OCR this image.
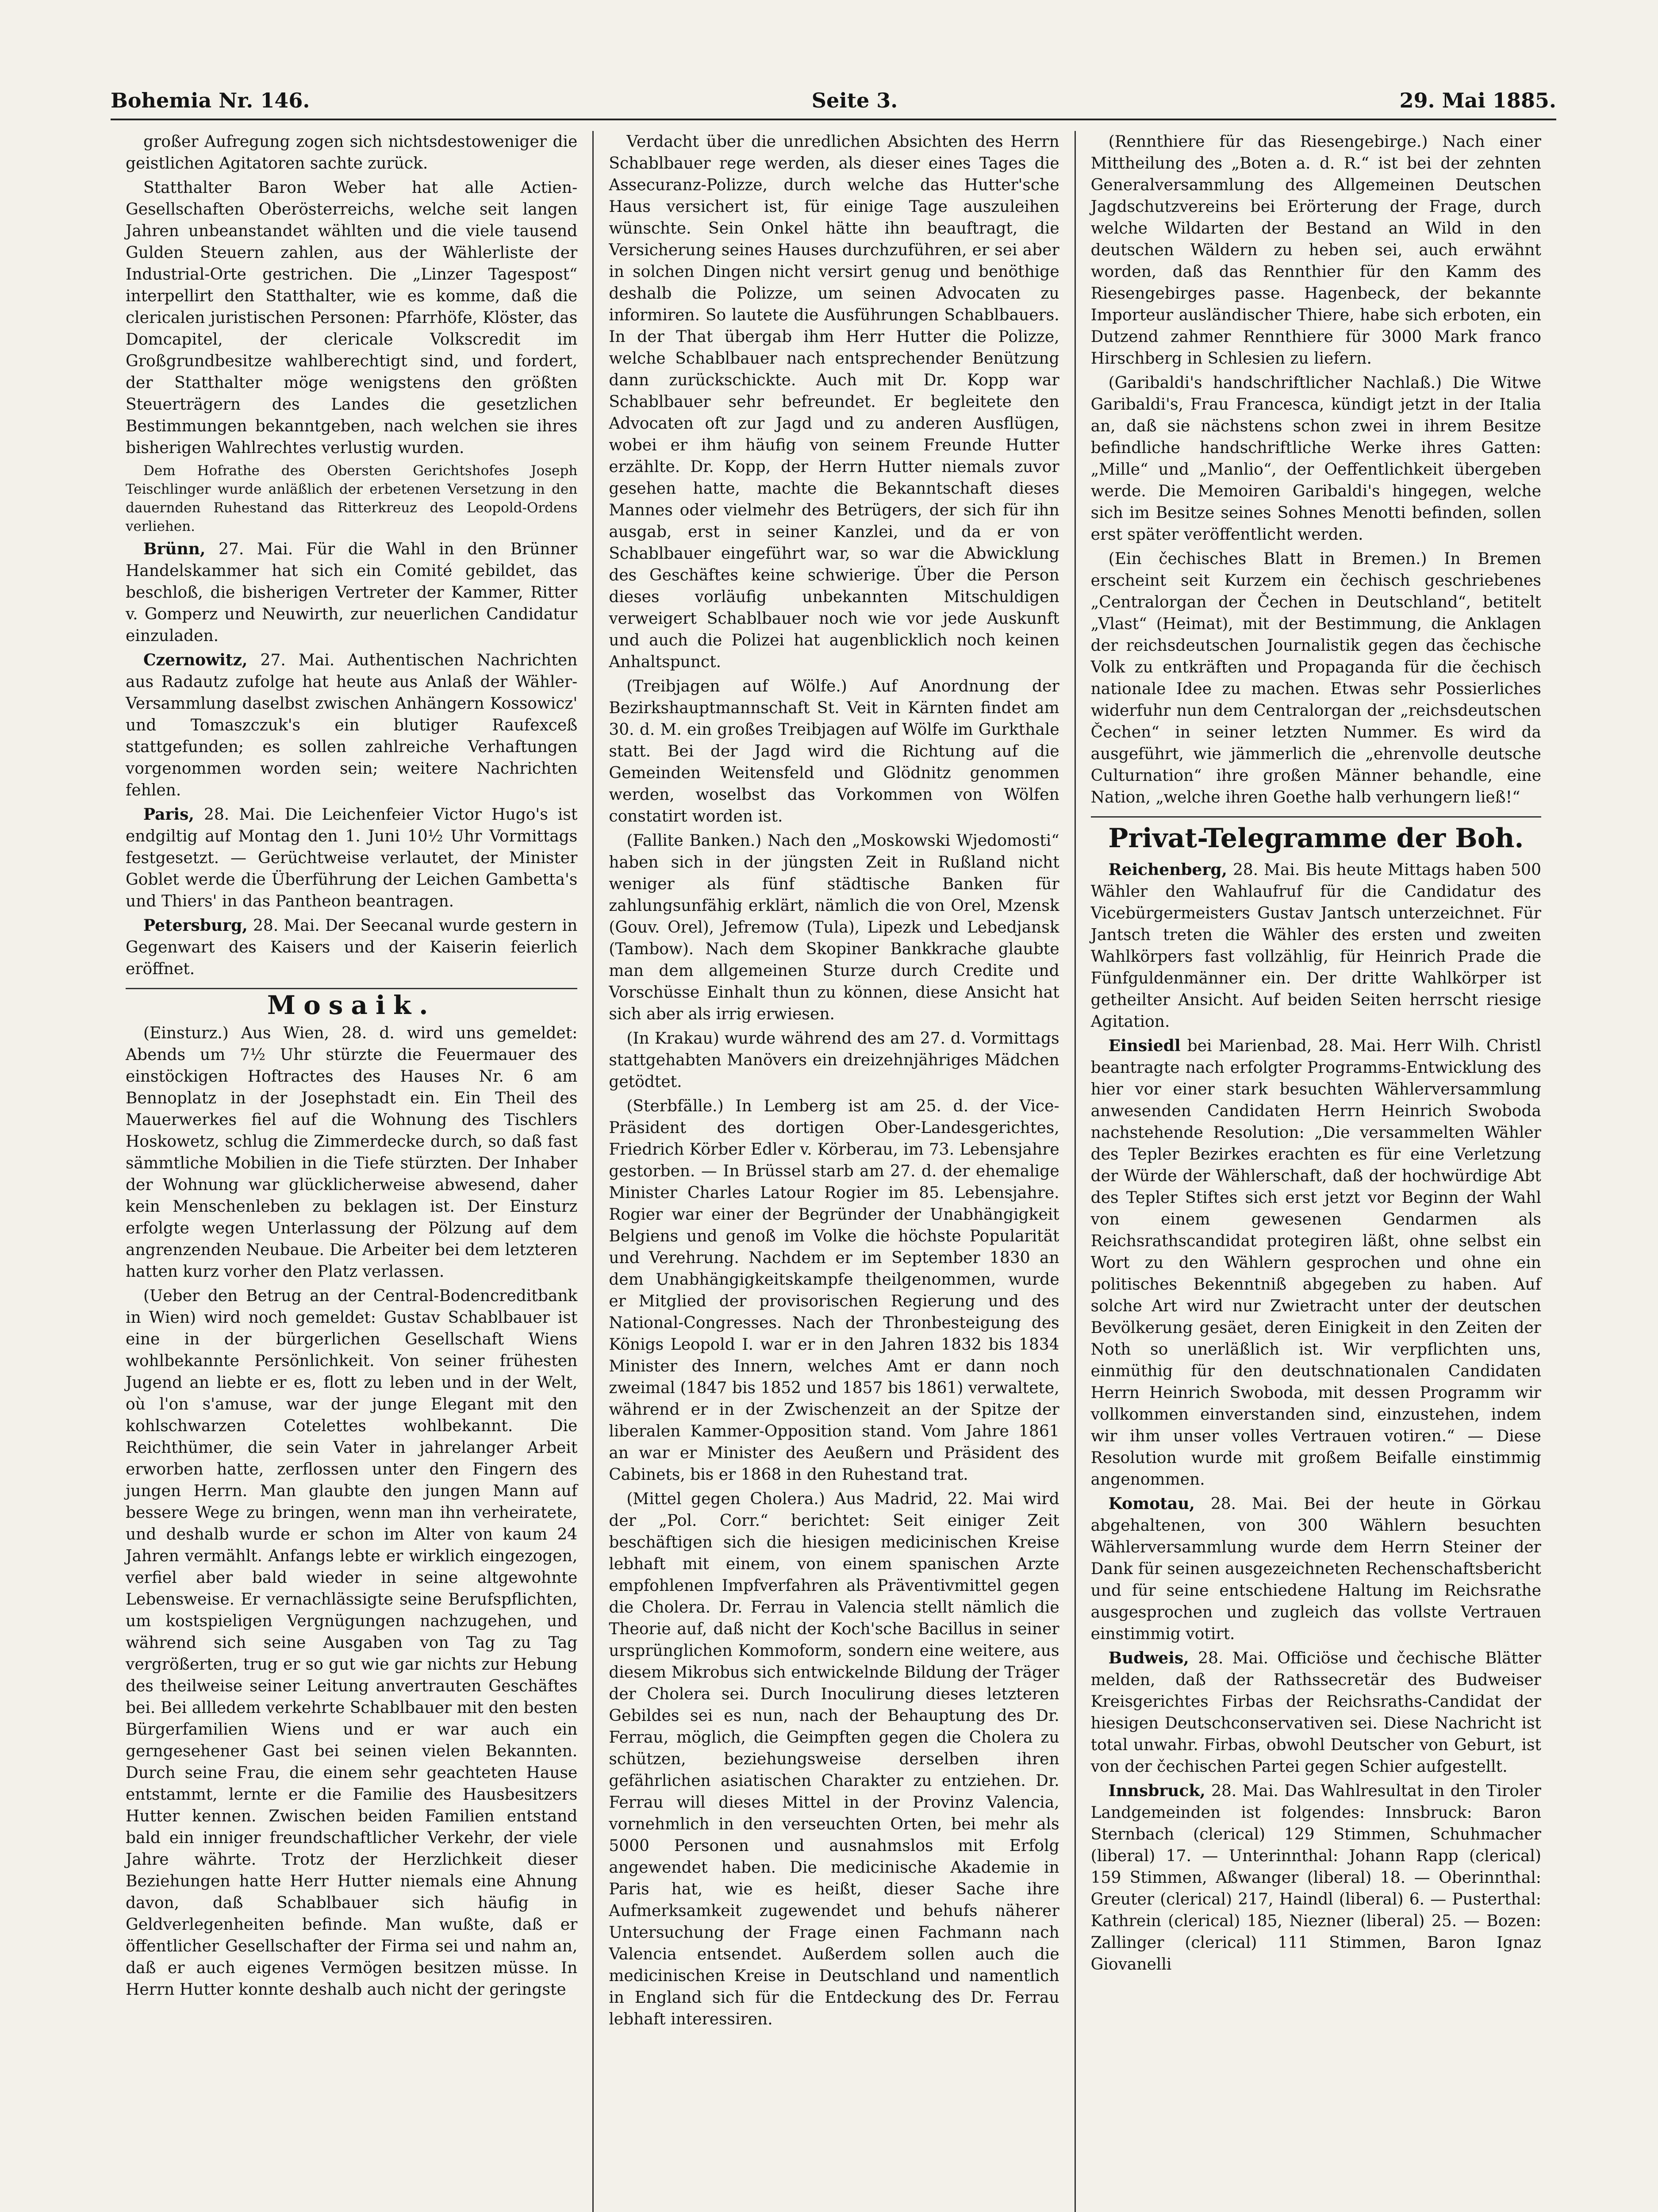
Bohemia Nr. 146.	Seite 3.	29. Mai 1885.

großer Aufregung zogen sich nichtsdestoweniger die geistlichen Agitatoren sachte zurück.

Statthalter Baron Weber hat alle Actien-Gesellschaften Oberösterreichs, welche seit langen Jahren unbeanstandet wählten und die viele tausend Gulden Steuern zahlen, aus der Wählerliste der Industrial-Orte gestrichen. Die „Linzer Tagespost“ interpellirt den Statthalter, wie es komme, daß die clericalen juristischen Personen: Pfarrhöfe, Klöster, das Domcapitel, der clericale Volkscredit im Großgrundbesitze wahlberechtigt sind, und fordert, der Statthalter möge wenigstens den größten Steuerträgern des Landes die gesetzlichen Bestimmungen bekanntgeben, nach welchen sie ihres bisherigen Wahlrechtes verlustig wurden.

Dem Hofrathe des Obersten Gerichtshofes Joseph Teischlinger wurde anläßlich der erbetenen Versetzung in den dauernden Ruhestand das Ritterkreuz des Leopold-Ordens verliehen.

Brünn, 27. Mai. Für die Wahl in den Brünner Handelskammer hat sich ein Comité gebildet, das beschloß, die bisherigen Vertreter der Kammer, Ritter v. Gomperz und Neuwirth, zur neuerlichen Candidatur einzuladen.

Czernowitz, 27. Mai. Authentischen Nachrichten aus Radautz zufolge hat heute aus Anlaß der Wähler-Versammlung daselbst zwischen Anhängern Kossowicz' und Tomaszczuk's ein blutiger Raufexceß stattgefunden; es sollen zahlreiche Verhaftungen vorgenommen worden sein; weitere Nachrichten fehlen.

Paris, 28. Mai. Die Leichenfeier Victor Hugo's ist endgiltig auf Montag den 1. Juni 10½ Uhr Vormittags festgesetzt. — Gerüchtweise verlautet, der Minister Goblet werde die Überführung der Leichen Gambetta's und Thiers' in das Pantheon beantragen.

Petersburg, 28. Mai. Der Seecanal wurde gestern in Gegenwart des Kaisers und der Kaiserin feierlich eröffnet.

Mosaik.

(Einsturz.) Aus Wien, 28. d. wird uns gemeldet: Abends um 7½ Uhr stürzte die Feuermauer des einstöckigen Hoftractes des Hauses Nr. 6 am Bennoplatz in der Josephstadt ein. Ein Theil des Mauerwerkes fiel auf die Wohnung des Tischlers Hoskowetz, schlug die Zimmerdecke durch, so daß fast sämmtliche Mobilien in die Tiefe stürzten. Der Inhaber der Wohnung war glücklicherweise abwesend, daher kein Menschenleben zu beklagen ist. Der Einsturz erfolgte wegen Unterlassung der Pölzung auf dem angrenzenden Neubaue. Die Arbeiter bei dem letzteren hatten kurz vorher den Platz verlassen.

(Ueber den Betrug an der Central-Bodencreditbank in Wien) wird noch gemeldet: Gustav Schablbauer ist eine in der bürgerlichen Gesellschaft Wiens wohlbekannte Persönlichkeit. Von seiner frühesten Jugend an liebte er es, flott zu leben und in der Welt, où l'on s'amuse, war der junge Elegant mit den kohlschwarzen Cotelettes wohlbekannt. Die Reichthümer, die sein Vater in jahrelanger Arbeit erworben hatte, zerflossen unter den Fingern des jungen Herrn. Man glaubte den jungen Mann auf bessere Wege zu bringen, wenn man ihn verheiratete, und deshalb wurde er schon im Alter von kaum 24 Jahren vermählt. Anfangs lebte er wirklich eingezogen, verfiel aber bald wieder in seine altgewohnte Lebensweise. Er vernachlässigte seine Berufspflichten, um kostspieligen Vergnügungen nachzugehen, und während sich seine Ausgaben von Tag zu Tag vergrößerten, trug er so gut wie gar nichts zur Hebung des theilweise seiner Leitung anvertrauten Geschäftes bei. Bei allledem verkehrte Schablbauer mit den besten Bürgerfamilien Wiens und er war auch ein gerngesehener Gast bei seinen vielen Bekannten. Durch seine Frau, die einem sehr geachteten Hause entstammt, lernte er die Familie des Hausbesitzers Hutter kennen. Zwischen beiden Familien entstand bald ein inniger freundschaftlicher Verkehr, der viele Jahre währte. Trotz der Herzlichkeit dieser Beziehungen hatte Herr Hutter niemals eine Ahnung davon, daß Schablbauer sich häufig in Geldverlegenheiten befinde. Man wußte, daß er öffentlicher Gesellschafter der Firma sei und nahm an, daß er auch eigenes Vermögen besitzen müsse. In Herrn Hutter konnte deshalb auch nicht der geringste

Verdacht über die unredlichen Absichten des Herrn Schablbauer rege werden, als dieser eines Tages die Assecuranz-Polizze, durch welche das Hutter'sche Haus versichert ist, für einige Tage auszuleihen wünschte. Sein Onkel hätte ihn beauftragt, die Versicherung seines Hauses durchzuführen, er sei aber in solchen Dingen nicht versirt genug und benöthige deshalb die Polizze, um seinen Advocaten zu informiren. So lautete die Ausführungen Schablbauers. In der That übergab ihm Herr Hutter die Polizze, welche Schablbauer nach entsprechender Benützung dann zurückschickte. Auch mit Dr. Kopp war Schablbauer sehr befreundet. Er begleitete den Advocaten oft zur Jagd und zu anderen Ausflügen, wobei er ihm häufig von seinem Freunde Hutter erzählte. Dr. Kopp, der Herrn Hutter niemals zuvor gesehen hatte, machte die Bekanntschaft dieses Mannes oder vielmehr des Betrügers, der sich für ihn ausgab, erst in seiner Kanzlei, und da er von Schablbauer eingeführt war, so war die Abwicklung des Geschäftes keine schwierige. Über die Person dieses vorläufig unbekannten Mitschuldigen verweigert Schablbauer noch wie vor jede Auskunft und auch die Polizei hat augenblicklich noch keinen Anhaltspunct.

(Treibjagen auf Wölfe.) Auf Anordnung der Bezirkshauptmannschaft St. Veit in Kärnten findet am 30. d. M. ein großes Treibjagen auf Wölfe im Gurkthale statt. Bei der Jagd wird die Richtung auf die Gemeinden Weitensfeld und Glödnitz genommen werden, woselbst das Vorkommen von Wölfen constatirt worden ist.

(Fallite Banken.) Nach den „Moskowski Wjedomosti“ haben sich in der jüngsten Zeit in Rußland nicht weniger als fünf städtische Banken für zahlungsunfähig erklärt, nämlich die von Orel, Mzensk (Gouv. Orel), Jefremow (Tula), Lipezk und Lebedjansk (Tambow). Nach dem Skopiner Bankkrache glaubte man dem allgemeinen Sturze durch Credite und Vorschüsse Einhalt thun zu können, diese Ansicht hat sich aber als irrig erwiesen.

(In Krakau) wurde während des am 27. d. Vormittags stattgehabten Manövers ein dreizehnjähriges Mädchen getödtet.

(Sterbfälle.) In Lemberg ist am 25. d. der Vice-Präsident des dortigen Ober-Landesgerichtes, Friedrich Körber Edler v. Körberau, im 73. Lebensjahre gestorben. — In Brüssel starb am 27. d. der ehemalige Minister Charles Latour Rogier im 85. Lebensjahre. Rogier war einer der Begründer der Unabhängigkeit Belgiens und genoß im Volke die höchste Popularität und Verehrung. Nachdem er im September 1830 an dem Unabhängigkeitskampfe theilgenommen, wurde er Mitglied der provisorischen Regierung und des National-Congresses. Nach der Thronbesteigung des Königs Leopold I. war er in den Jahren 1832 bis 1834 Minister des Innern, welches Amt er dann noch zweimal (1847 bis 1852 und 1857 bis 1861) verwaltete, während er in der Zwischenzeit an der Spitze der liberalen Kammer-Opposition stand. Vom Jahre 1861 an war er Minister des Aeußern und Präsident des Cabinets, bis er 1868 in den Ruhestand trat.

(Mittel gegen Cholera.) Aus Madrid, 22. Mai wird der „Pol. Corr.“ berichtet: Seit einiger Zeit beschäftigen sich die hiesigen medicinischen Kreise lebhaft mit einem, von einem spanischen Arzte empfohlenen Impfverfahren als Präventivmittel gegen die Cholera. Dr. Ferrau in Valencia stellt nämlich die Theorie auf, daß nicht der Koch'sche Bacillus in seiner ursprünglichen Kommoform, sondern eine weitere, aus diesem Mikrobus sich entwickelnde Bildung der Träger der Cholera sei. Durch Inoculirung dieses letzteren Gebildes sei es nun, nach der Behauptung des Dr. Ferrau, möglich, die Geimpften gegen die Cholera zu schützen, beziehungsweise derselben ihren gefährlichen asiatischen Charakter zu entziehen. Dr. Ferrau will dieses Mittel in der Provinz Valencia, vornehmlich in den verseuchten Orten, bei mehr als 5000 Personen und ausnahmslos mit Erfolg angewendet haben. Die medicinische Akademie in Paris hat, wie es heißt, dieser Sache ihre Aufmerksamkeit zugewendet und behufs näherer Untersuchung der Frage einen Fachmann nach Valencia entsendet. Außerdem sollen auch die medicinischen Kreise in Deutschland und namentlich in England sich für die Entdeckung des Dr. Ferrau lebhaft interessiren.

(Rennthiere für das Riesengebirge.) Nach einer Mittheilung des „Boten a. d. R.“ ist bei der zehnten Generalversammlung des Allgemeinen Deutschen Jagdschutzvereins bei Erörterung der Frage, durch welche Wildarten der Bestand an Wild in den deutschen Wäldern zu heben sei, auch erwähnt worden, daß das Rennthier für den Kamm des Riesengebirges passe. Hagenbeck, der bekannte Importeur ausländischer Thiere, habe sich erboten, ein Dutzend zahmer Rennthiere für 3000 Mark franco Hirschberg in Schlesien zu liefern.

(Garibaldi's handschriftlicher Nachlaß.) Die Witwe Garibaldi's, Frau Francesca, kündigt jetzt in der Italia an, daß sie nächstens schon zwei in ihrem Besitze befindliche handschriftliche Werke ihres Gatten: „Mille“ und „Manlio“, der Oeffentlichkeit übergeben werde. Die Memoiren Garibaldi's hingegen, welche sich im Besitze seines Sohnes Menotti befinden, sollen erst später veröffentlicht werden.

(Ein čechisches Blatt in Bremen.) In Bremen erscheint seit Kurzem ein čechisch geschriebenes „Centralorgan der Čechen in Deutschland“, betitelt „Vlast“ (Heimat), mit der Bestimmung, die Anklagen der reichsdeutschen Journalistik gegen das čechische Volk zu entkräften und Propaganda für die čechisch nationale Idee zu machen. Etwas sehr Possierliches widerfuhr nun dem Centralorgan der „reichsdeutschen Čechen“ in seiner letzten Nummer. Es wird da ausgeführt, wie jämmerlich die „ehrenvolle deutsche Culturnation“ ihre großen Männer behandle, eine Nation, „welche ihren Goethe halb verhungern ließ!“

Privat-Telegramme der Boh.

Reichenberg, 28. Mai. Bis heute Mittags haben 500 Wähler den Wahlaufruf für die Candidatur des Vicebürgermeisters Gustav Jantsch unterzeichnet. Für Jantsch treten die Wähler des ersten und zweiten Wahlkörpers fast vollzählig, für Heinrich Prade die Fünfguldenmänner ein. Der dritte Wahlkörper ist getheilter Ansicht. Auf beiden Seiten herrscht riesige Agitation.

Einsiedl bei Marienbad, 28. Mai. Herr Wilh. Christl beantragte nach erfolgter Programms-Entwicklung des hier vor einer stark besuchten Wählerversammlung anwesenden Candidaten Herrn Heinrich Swoboda nachstehende Resolution: „Die versammelten Wähler des Tepler Bezirkes erachten es für eine Verletzung der Würde der Wählerschaft, daß der hochwürdige Abt des Tepler Stiftes sich erst jetzt vor Beginn der Wahl von einem gewesenen Gendarmen als Reichsrathscandidat protegiren läßt, ohne selbst ein Wort zu den Wählern gesprochen und ohne ein politisches Bekenntniß abgegeben zu haben. Auf solche Art wird nur Zwietracht unter der deutschen Bevölkerung gesäet, deren Einigkeit in den Zeiten der Noth so unerläßlich ist. Wir verpflichten uns, einmüthig für den deutschnationalen Candidaten Herrn Heinrich Swoboda, mit dessen Programm wir vollkommen einverstanden sind, einzustehen, indem wir ihm unser volles Vertrauen votiren.“ — Diese Resolution wurde mit großem Beifalle einstimmig angenommen.

Komotau, 28. Mai. Bei der heute in Görkau abgehaltenen, von 300 Wählern besuchten Wählerversammlung wurde dem Herrn Steiner der Dank für seinen ausgezeichneten Rechenschaftsbericht und für seine entschiedene Haltung im Reichsrathe ausgesprochen und zugleich das vollste Vertrauen einstimmig votirt.

Budweis, 28. Mai. Officiöse und čechische Blätter melden, daß der Rathssecretär des Budweiser Kreisgerichtes Firbas der Reichsraths-Candidat der hiesigen Deutschconservativen sei. Diese Nachricht ist total unwahr. Firbas, obwohl Deutscher von Geburt, ist von der čechischen Partei gegen Schier aufgestellt.

Innsbruck, 28. Mai. Das Wahlresultat in den Tiroler Landgemeinden ist folgendes: Innsbruck: Baron Sternbach (clerical) 129 Stimmen, Schuhmacher (liberal) 17. — Unterinnthal: Johann Rapp (clerical) 159 Stimmen, Aßwanger (liberal) 18. — Oberinnthal: Greuter (clerical) 217, Haindl (liberal) 6. — Pusterthal: Kathrein (clerical) 185, Niezner (liberal) 25. — Bozen: Zallinger (clerical) 111 Stimmen, Baron Ignaz Giovanelli
